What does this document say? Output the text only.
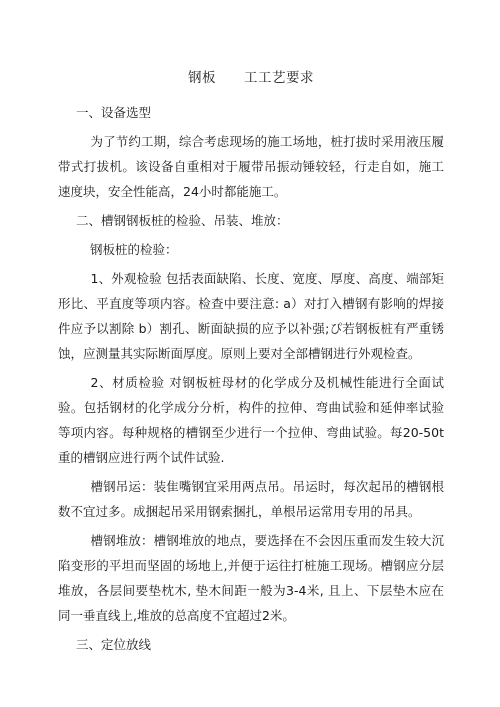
钢板 工工艺要求
一、设备选型
为了节约工期，综合考虑现场的施工场地，桩打拔时采用液压履带式打拔机。该设备自重相对于履带吊振动锤较轻，行走自如，施工速度块，安全性能高，24小时都能施工。
二、槽钢钢板桩的检验、吊装、堆放：
钢板桩的检验：
1、外观检验 包括表面缺陷、长度、宽度、厚度、高度、端部矩形比、平直度等项内容。检查中要注意: a）对打入槽钢有影响的焊接件应予以割除 b）割孔、断面缺损的应予以补强;ぴ若钢板桩有严重锈蚀，应测量其实际断面厚度。原则上要对全部槽钢进行外观检查。
2、材质检验 对钢板桩母材的化学成分及机械性能进行全面试验。包括钢材的化学成分分析，构件的拉伸、弯曲试验和延伸率试验等项内容。每种规格的槽钢至少进行一个拉伸、弯曲试验。每20-50t重的槽钢应进行两个试件试验.
槽钢吊运：装隹嘴钢宜采用两点吊。吊运时，每次起吊的槽钢根数不宜过多。成捆起吊采用钢索捆扎，单根吊运常用专用的吊具。
槽钢堆放：槽钢堆放的地点，要选择在不会因压重而发生较大沉陷变形的平坦而坚固的场地上,并便于运往打桩施工现场。槽钢应分层堆放，各层间要垫枕木, 垫木间距一般为3-4米, 且上、下层垫木应在同一垂直线上,堆放的总高度不宜超过2米。
三、定位放线
